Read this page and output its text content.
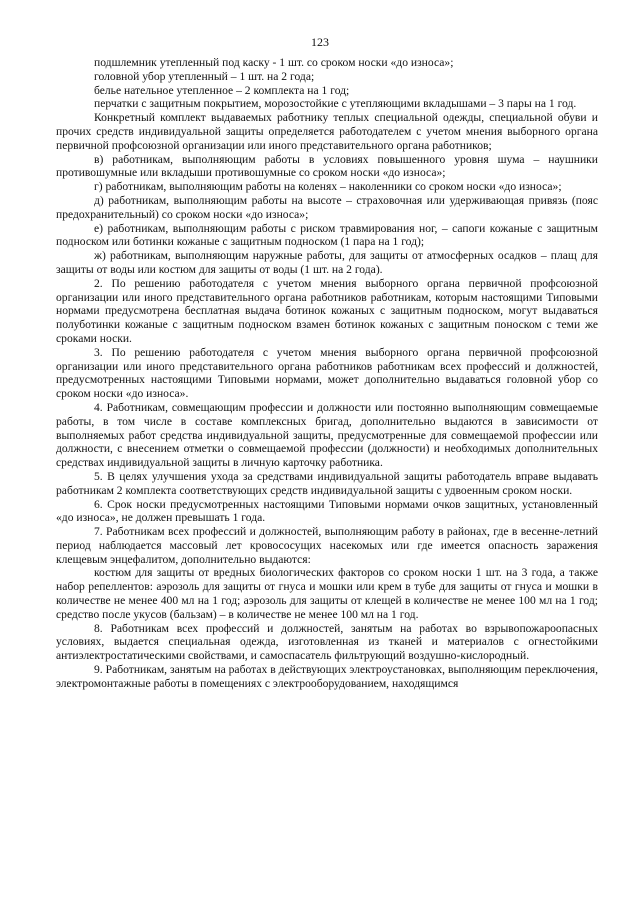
123

подшлемник утепленный под каску - 1 шт. со сроком носки «до износа»;

головной убор утепленный – 1 шт. на 2 года;

белье нательное утепленное – 2 комплекта на 1 год;

перчатки с защитным покрытием, морозостойкие с утепляющими вкладышами – 3 пары на 1 год.

Конкретный комплект выдаваемых работнику теплых специальной одежды, специальной обуви и прочих средств индивидуальной защиты определяется работодателем с учетом мнения выборного органа первичной профсоюзной организации или иного представительного органа работников;

в) работникам, выполняющим работы в условиях повышенного уровня шума – наушники противошумные или вкладыши противошумные со сроком носки «до износа»;

г) работникам, выполняющим работы на коленях – наколенники со сроком носки «до износа»;

д) работникам, выполняющим работы на высоте – страховочная или удерживающая привязь (пояс предохранительный) со сроком носки «до износа»;

е) работникам, выполняющим работы с риском травмирования ног, – сапоги кожаные с защитным подноском или ботинки кожаные с защитным подноском (1 пара на 1 год);

ж) работникам, выполняющим наружные работы, для защиты от атмосферных осадков – плащ для защиты от воды или костюм для защиты от воды (1 шт. на 2 года).

2. По решению работодателя с учетом мнения выборного органа первичной профсоюзной организации или иного представительного органа работников работникам, которым настоящими Типовыми нормами предусмотрена бесплатная выдача ботинок кожаных с защитным подноском, могут выдаваться полуботинки кожаные с защитным подноском взамен ботинок кожаных с защитным поноском с теми же сроками носки.

3. По решению работодателя с учетом мнения выборного органа первичной профсоюзной организации или иного представительного органа работников работникам всех профессий и должностей, предусмотренных настоящими Типовыми нормами, может дополнительно выдаваться головной убор со сроком носки «до износа».

4. Работникам, совмещающим профессии и должности или постоянно выполняющим совмещаемые работы, в том числе в составе комплексных бригад, дополнительно выдаются в зависимости от выполняемых работ средства индивидуальной защиты, предусмотренные для совмещаемой профессии или должности, с внесением отметки о совмещаемой профессии (должности) и необходимых дополнительных средствах индивидуальной защиты в личную карточку работника.

5. В целях улучшения ухода за средствами индивидуальной защиты работодатель вправе выдавать работникам 2 комплекта соответствующих средств индивидуальной защиты с удвоенным сроком носки.

6. Срок носки предусмотренных настоящими Типовыми нормами очков защитных, установленный «до износа», не должен превышать 1 года.

7. Работникам всех профессий и должностей, выполняющим работу в районах, где в весенне-летний период наблюдается массовый лет кровососущих насекомых или где имеется опасность заражения клещевым энцефалитом, дополнительно выдаются:

костюм для защиты от вредных биологических факторов со сроком носки 1 шт. на 3 года, а также набор репеллентов: аэрозоль для защиты от гнуса и мошки или крем в тубе для защиты от гнуса и мошки в количестве не менее 400 мл на 1 год; аэрозоль для защиты от клещей в количестве не менее 100 мл на 1 год; средство после укусов (бальзам) – в количестве не менее 100 мл на 1 год.

8. Работникам всех профессий и должностей, занятым на работах во взрывопожароопасных условиях, выдается специальная одежда, изготовленная из тканей и материалов с огнестойкими антиэлектростатическими свойствами, и самоспасатель фильтрующий воздушно-кислородный.

9. Работникам, занятым на работах в действующих электроустановках, выполняющим переключения, электромонтажные работы в помещениях с электрооборудованием, находящимся
